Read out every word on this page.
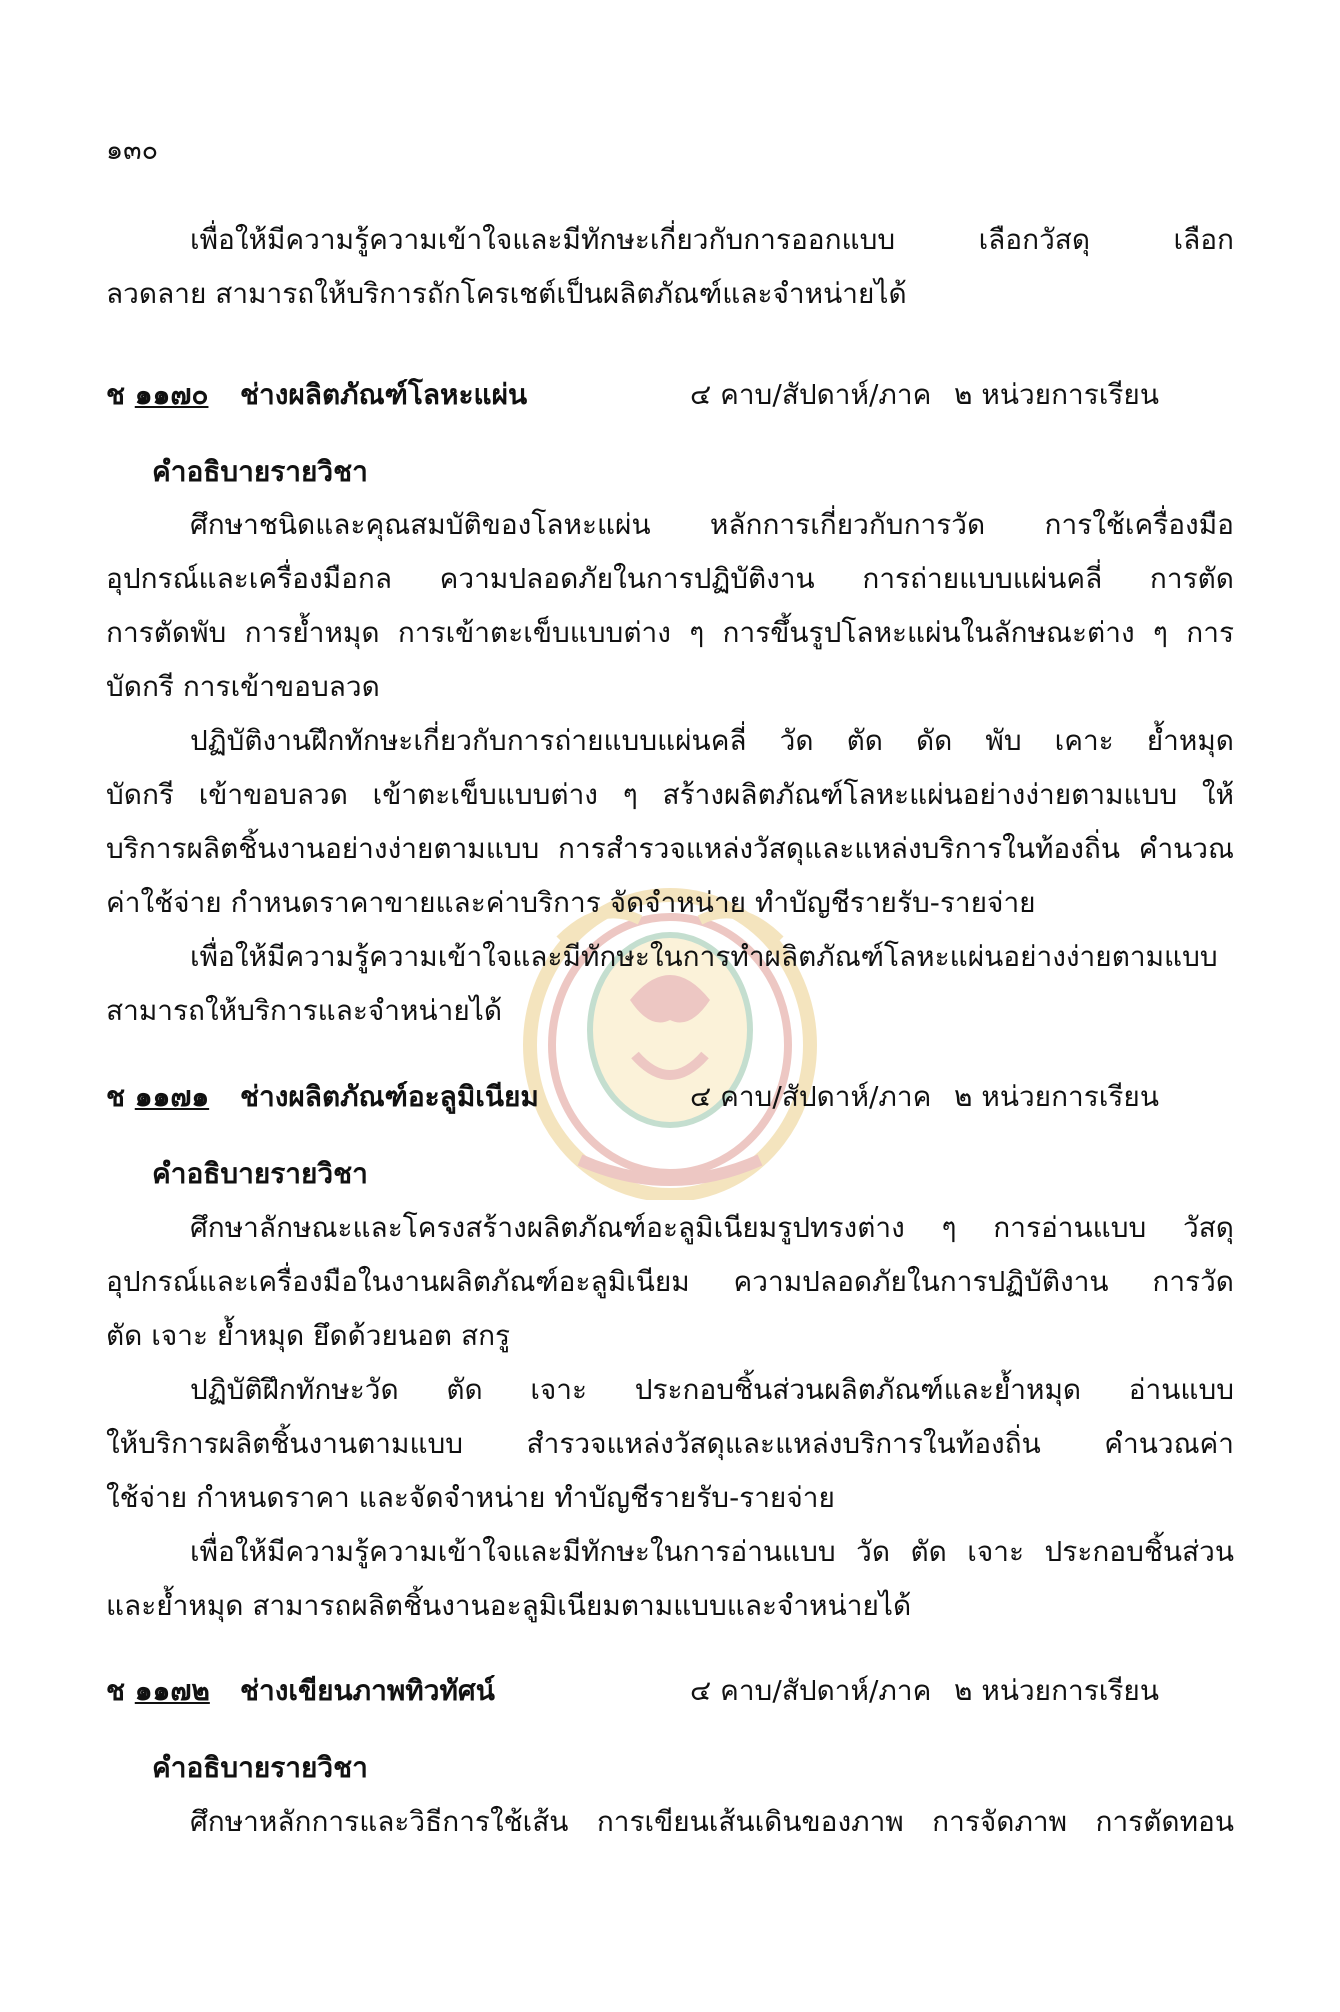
๑๓๐
เพื่อให้มีความรู้ความเข้าใจและมีทักษะเกี่ยวกับการออกแบบ เลือกวัสดุ เลือก
ลวดลาย สามารถให้บริการถักโครเชต์เป็นผลิตภัณฑ์และจำหน่ายได้
ช ๑๑๗๐ ช่างผลิตภัณฑ์โลหะแผ่น	๔ คาบ/สัปดาห์/ภาค ๒ หน่วยการเรียน
คำอธิบายรายวิชา
ศึกษาชนิดและคุณสมบัติของโลหะแผ่น หลักการเกี่ยวกับการวัด การใช้เครื่องมือ
อุปกรณ์และเครื่องมือกล ความปลอดภัยในการปฏิบัติงาน การถ่ายแบบแผ่นคลี่ การตัด
การตัดพับ การย้ำหมุด การเข้าตะเข็บแบบต่าง ๆ การขึ้นรูปโลหะแผ่นในลักษณะต่าง ๆ การ
บัดกรี การเข้าขอบลวด
ปฏิบัติงานฝึกทักษะเกี่ยวกับการถ่ายแบบแผ่นคลี่ วัด ตัด ดัด พับ เคาะ ย้ำหมุด
บัดกรี เข้าขอบลวด เข้าตะเข็บแบบต่าง ๆ สร้างผลิตภัณฑ์โลหะแผ่นอย่างง่ายตามแบบ ให้
บริการผลิตชิ้นงานอย่างง่ายตามแบบ การสำรวจแหล่งวัสดุและแหล่งบริการในท้องถิ่น คำนวณ
ค่าใช้จ่าย กำหนดราคาขายและค่าบริการ จัดจำหน่าย ทำบัญชีรายรับ-รายจ่าย
เพื่อให้มีความรู้ความเข้าใจและมีทักษะในการทำผลิตภัณฑ์โลหะแผ่นอย่างง่ายตามแบบ
สามารถให้บริการและจำหน่ายได้
ช ๑๑๗๑ ช่างผลิตภัณฑ์อะลูมิเนียม	๔ คาบ/สัปดาห์/ภาค ๒ หน่วยการเรียน
คำอธิบายรายวิชา
ศึกษาลักษณะและโครงสร้างผลิตภัณฑ์อะลูมิเนียมรูปทรงต่าง ๆ การอ่านแบบ วัสดุ
อุปกรณ์และเครื่องมือในงานผลิตภัณฑ์อะลูมิเนียม ความปลอดภัยในการปฏิบัติงาน การวัด
ตัด เจาะ ย้ำหมุด ยึดด้วยนอต สกรู
ปฏิบัติฝึกทักษะวัด ตัด เจาะ ประกอบชิ้นส่วนผลิตภัณฑ์และย้ำหมุด อ่านแบบ
ให้บริการผลิตชิ้นงานตามแบบ สำรวจแหล่งวัสดุและแหล่งบริการในท้องถิ่น คำนวณค่า
ใช้จ่าย กำหนดราคา และจัดจำหน่าย ทำบัญชีรายรับ-รายจ่าย
เพื่อให้มีความรู้ความเข้าใจและมีทักษะในการอ่านแบบ วัด ตัด เจาะ ประกอบชิ้นส่วน
และย้ำหมุด สามารถผลิตชิ้นงานอะลูมิเนียมตามแบบและจำหน่ายได้
ช ๑๑๗๒ ช่างเขียนภาพทิวทัศน์	๔ คาบ/สัปดาห์/ภาค ๒ หน่วยการเรียน
คำอธิบายรายวิชา
ศึกษาหลักการและวิธีการใช้เส้น การเขียนเส้นเดินของภาพ การจัดภาพ การตัดทอน
